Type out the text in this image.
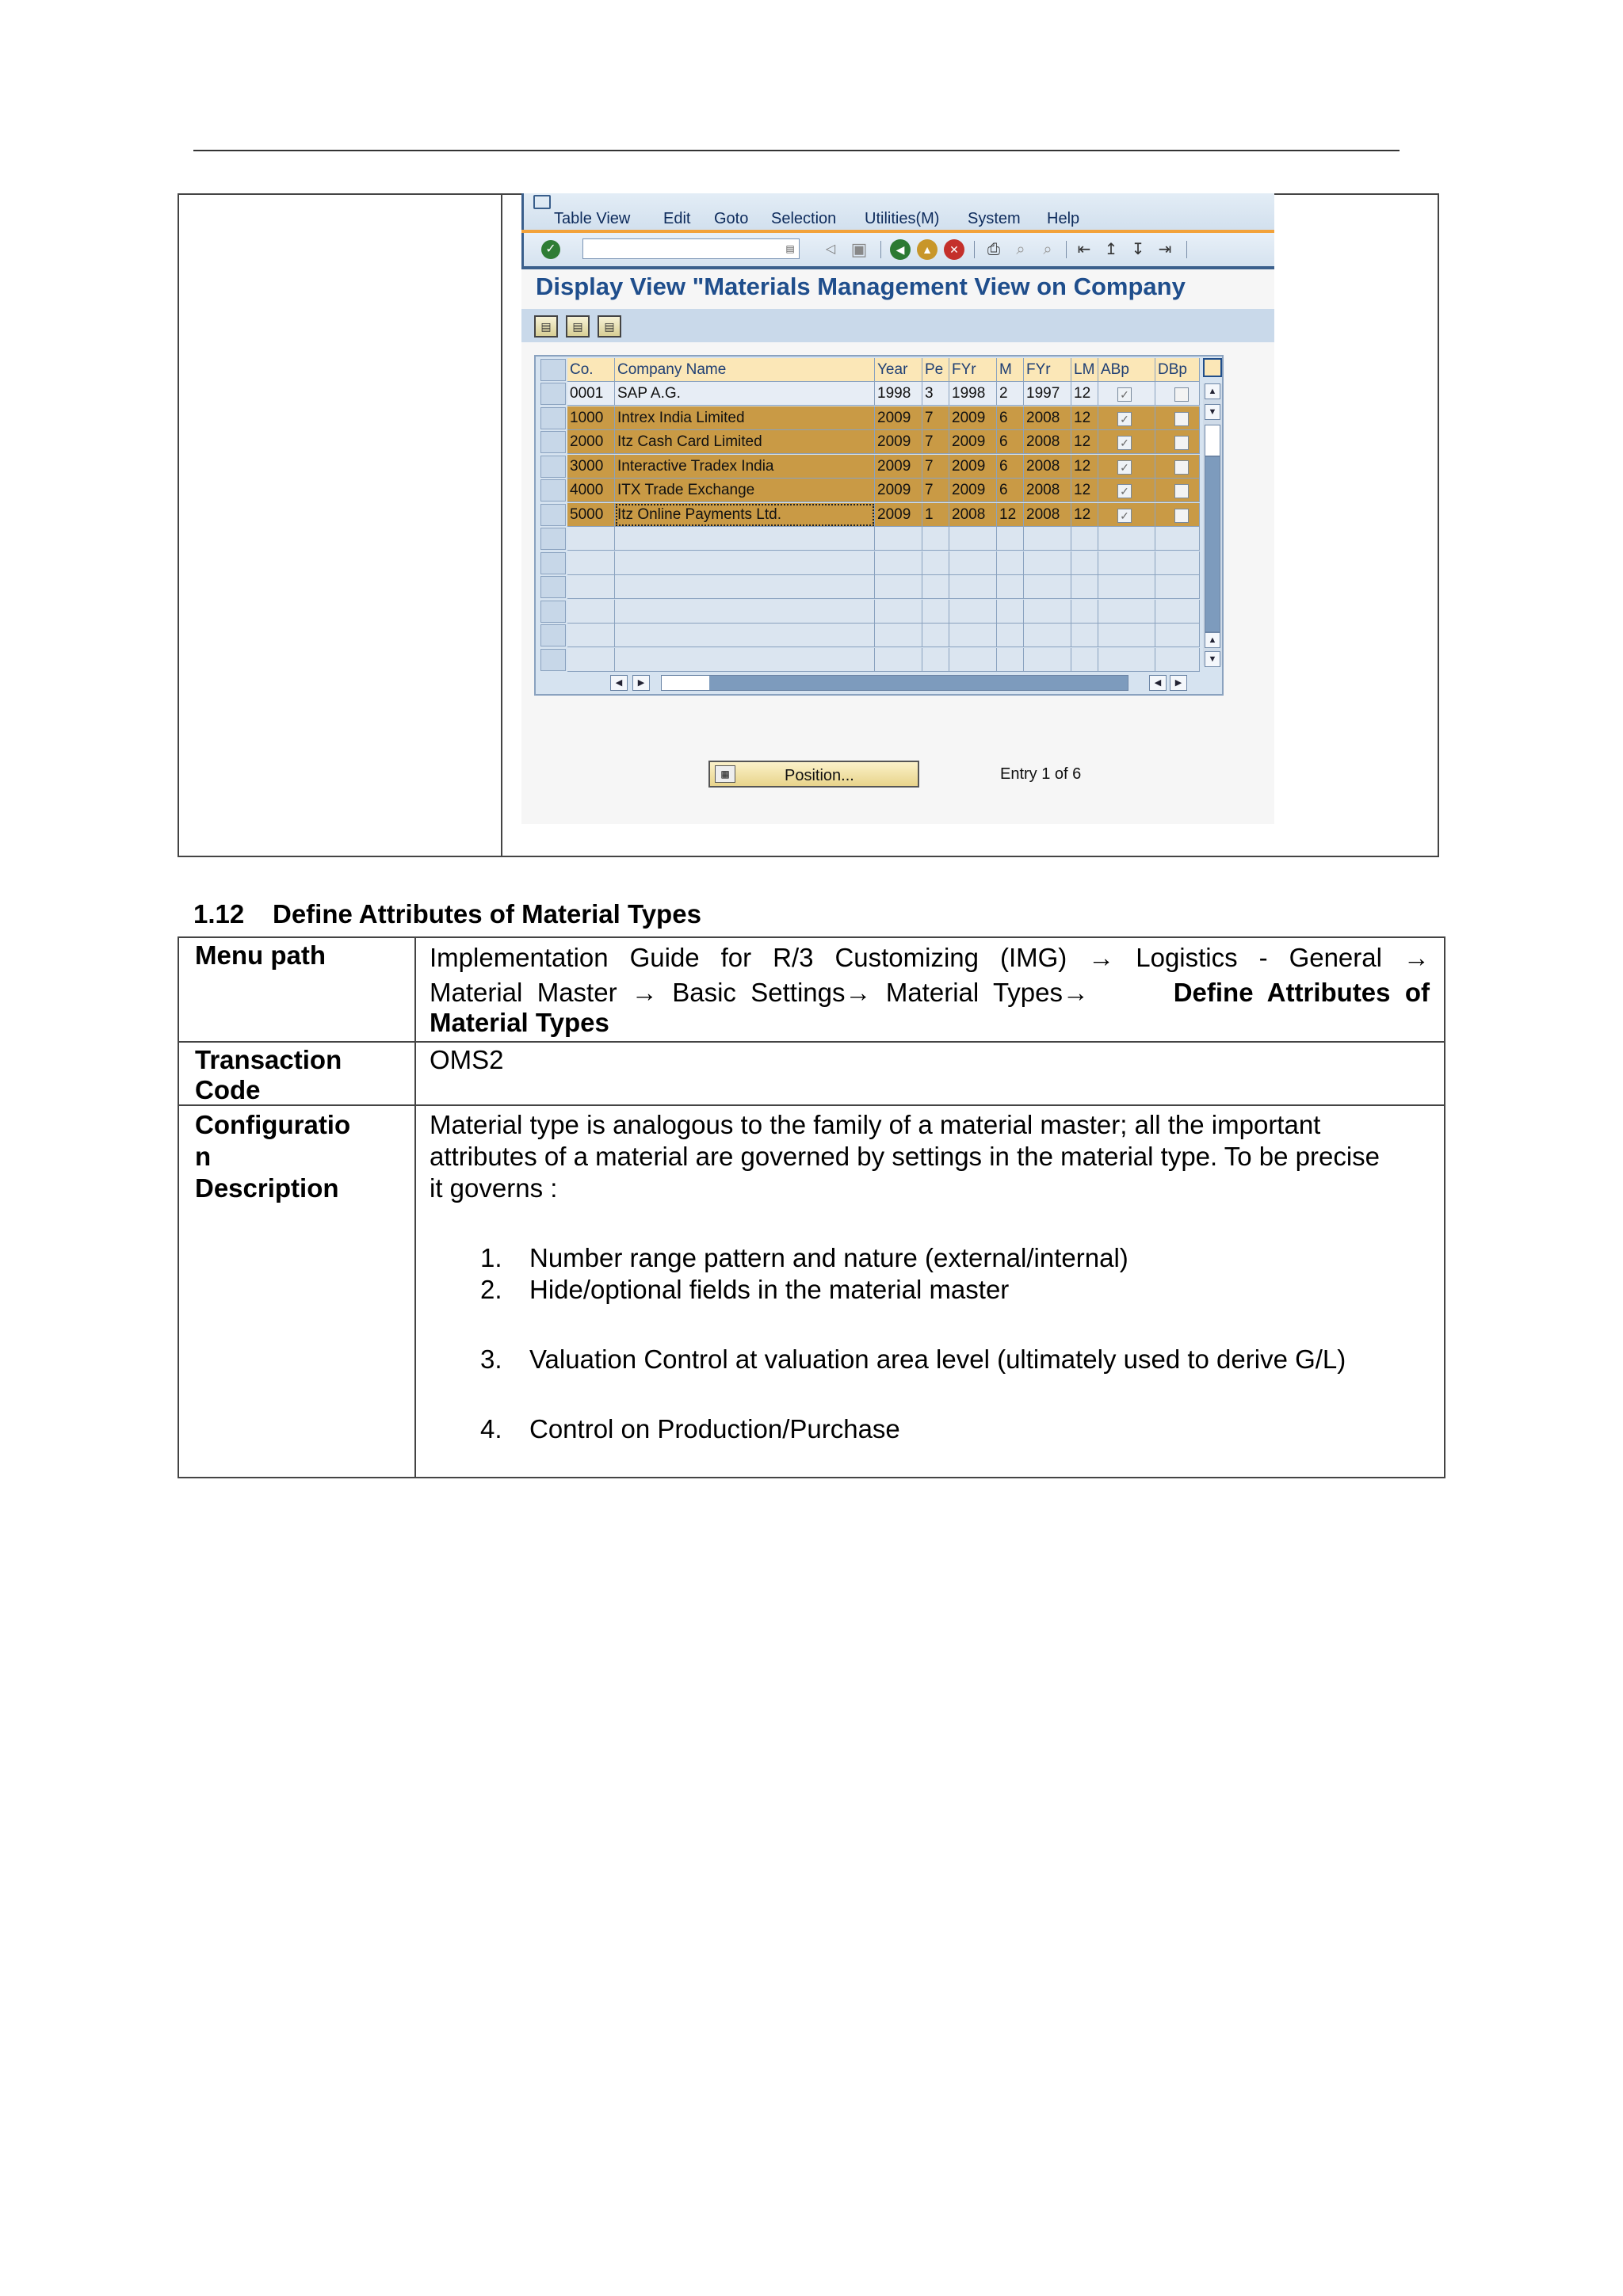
Table View Edit Goto Selection Utilities(M) System Help
✓	▤	◁ ▣	◀	▲	✕	⎙	⌕	⌕	⇤ ↥ ↧ ⇥
Display View "Materials Management View on Company
▤	▤	▤
Co.	Company Name	Year	Pe FYr	M FYr	LM ABp	DBp
0001 SAP A.G.	1998 3	1998 2	1997 12	✓
1000 Intrex India Limited	2009 7	2009 6	2008 12	✓
2000 Itz Cash Card Limited	2009 7	2009 6	2008 12	✓
3000 Interactive Tradex India	2009 7	2009 6	2008 12	✓
4000 ITX Trade Exchange	2009 7	2009 6	2008 12	✓
5000 Itz Online Payments Ltd.	2009 1	2008 12 2008 12	✓
▲
▼
▲
▼
◀	▶	◀	▶
▦	Position...	Entry 1 of 6
1.12 Define Attributes of Material Types
Menu path	Implementation Guide for R/3 Customizing (IMG) → Logistics - General →
Material  Master  →  Basic  Settings→  Material  Types→	Define  Attributes  of
Material Types
Transaction
Code
OMS2
Configuratio
n
Description
Material type is analogous to the family of a material master; all the important
attributes of a material are governed by settings in the material type. To be precise
it governs :
1. Number range pattern and nature (external/internal)
2. Hide/optional fields in the material master
3. Valuation Control at valuation area level (ultimately used to derive G/L)
4. Control on Production/Purchase
